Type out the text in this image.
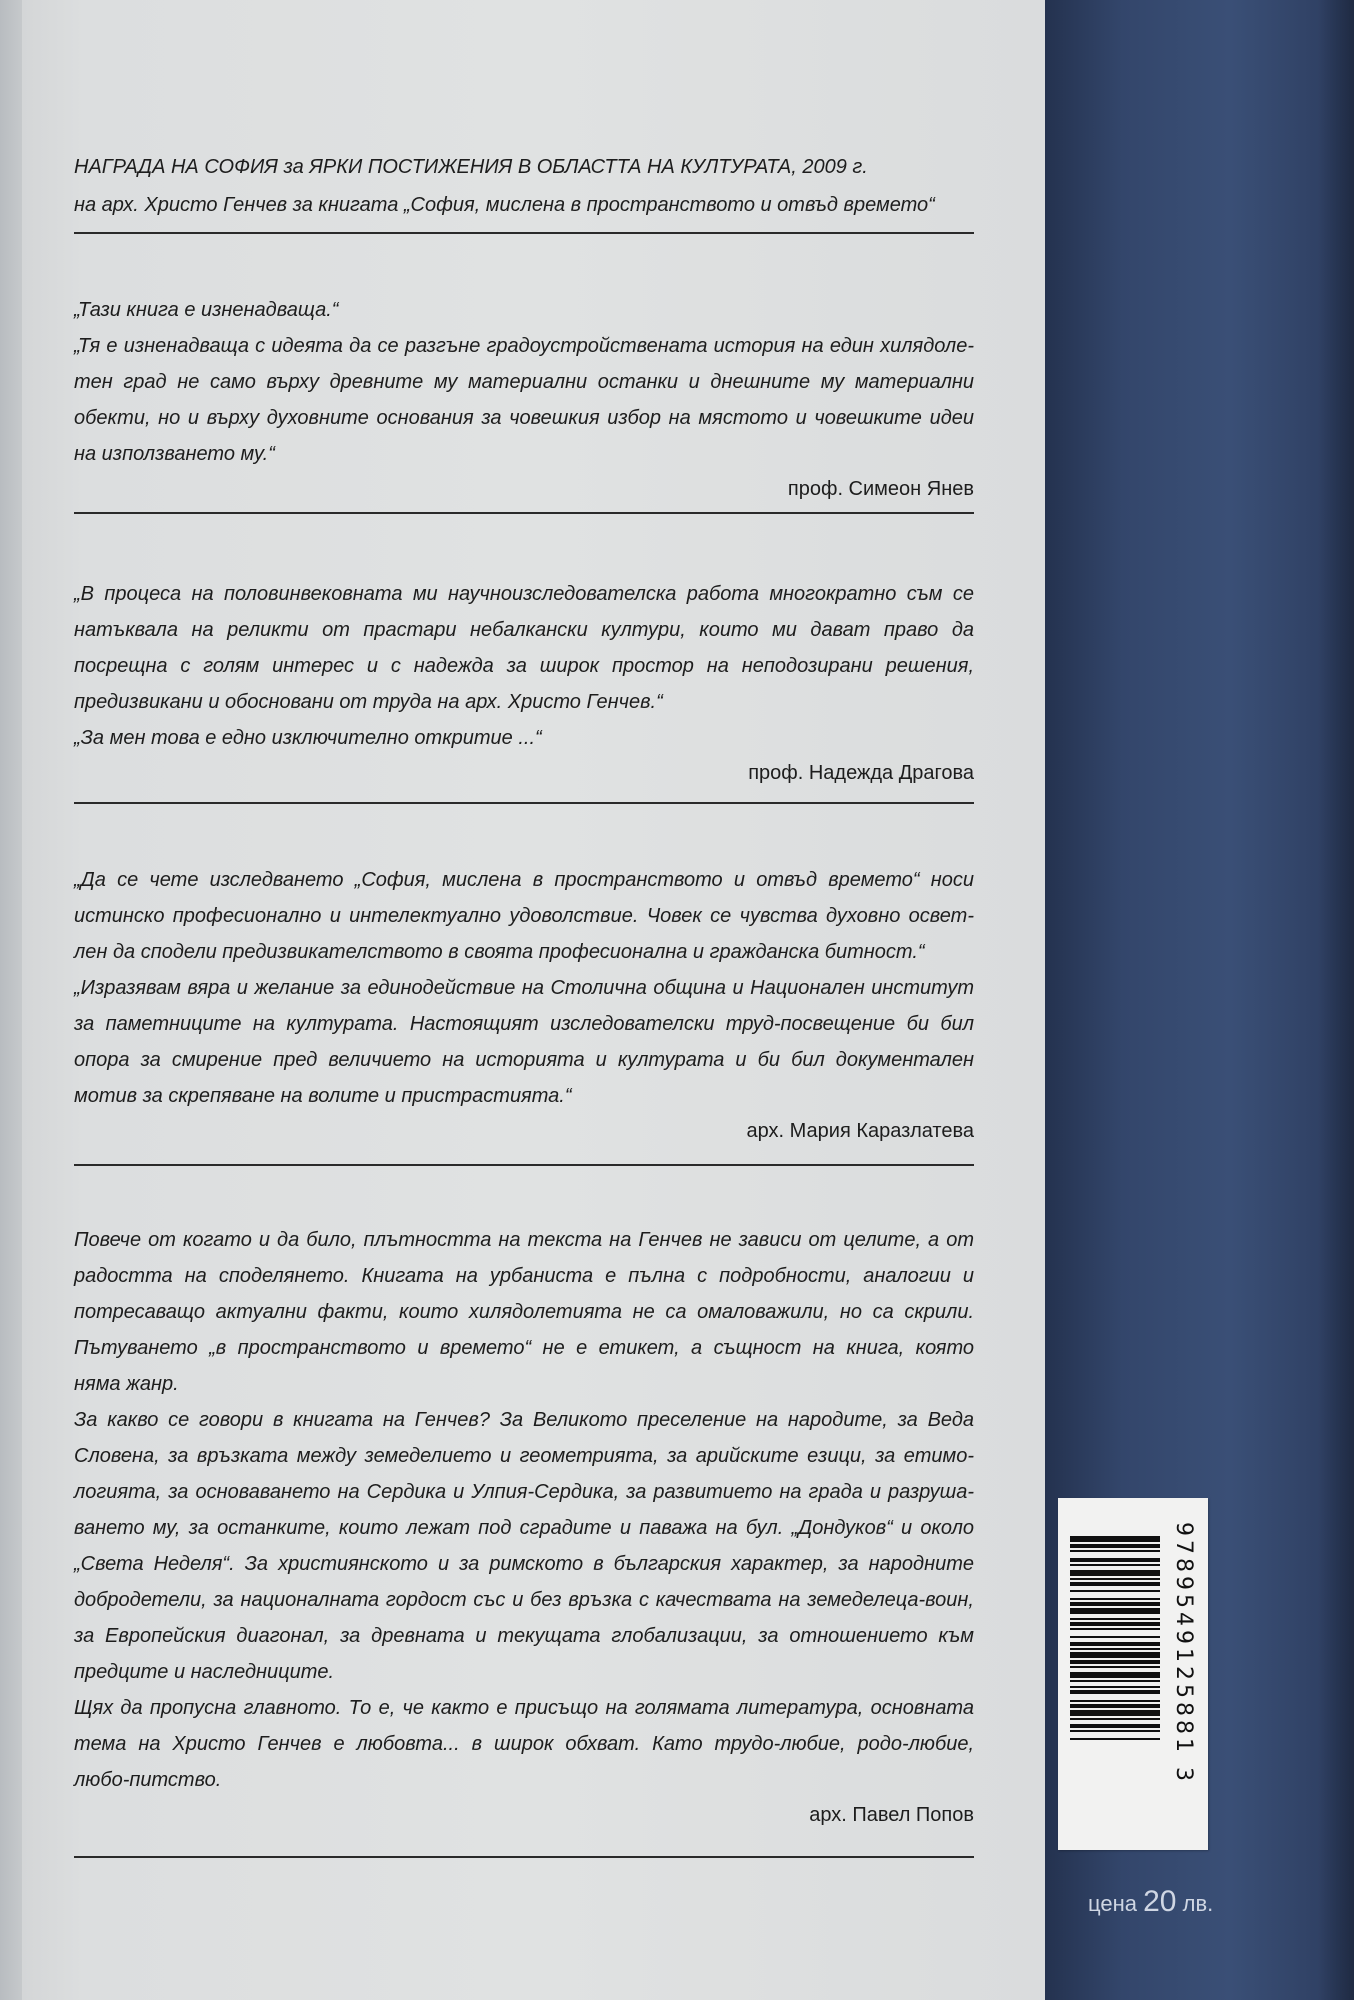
НАГРАДА НА СОФИЯ за ЯРКИ ПОСТИЖЕНИЯ В ОБЛАСТТА НА КУЛТУРАТА, 2009 г.
на арх. Христо Генчев за книгата „София, мислена в пространството и отвъд времето“
„Тази книга е изненадваща.“
„Тя е изненадваща с идеята да се разгъне градоустройствената история на един хилядоле-
тен град не само върху древните му материални останки и днешните му материални
обекти, но и върху духовните основания за човешкия избор на мястото и човешките идеи
на използването му.“
проф. Симеон Янев
„В процеса на половинвековната ми научноизследователска работа многократно съм се
натъквала на реликти от прастари небалкански култури, които ми дават право да
посрещна с голям интерес и с надежда за широк простор на неподозирани решения,
предизвикани и обосновани от труда на арх. Христо Генчев.“
„За мен това е едно изключително откритие ...“
проф. Надежда Драгова
„Да се чете изследването „София, мислена в пространството и отвъд времето“ носи
истинско професионално и интелектуално удоволствие. Човек се чувства духовно освет-
лен да сподели предизвикателството в своята професионална и гражданска битност.“
„Изразявам вяра и желание за единодействие на Столична община и Национален институт
за паметниците на културата. Настоящият изследователски труд-посвещение би бил
опора за смирение пред величието на историята и културата и би бил документален
мотив за скрепяване на волите и пристрастията.“
арх. Мария Каразлатева
Повече от когато и да било, плътността на текста на Генчев не зависи от целите, а от
радостта на споделянето. Книгата на урбаниста е пълна с подробности, аналогии и
потресаващо актуални факти, които хилядолетията не са омаловажили, но са скрили.
Пътуването „в пространството и времето“ не е етикет, а същност на книга, която
няма жанр.
За какво се говори в книгата на Генчев? За Великото преселение на народите, за Веда
Словена, за връзката между земеделието и геометрията, за арийските езици, за етимо-
логията, за основаването на Сердика и Улпия-Сердика, за развитието на града и разруша-
ването му, за останките, които лежат под сградите и паважа на бул. „Дондуков“ и около
„Света Неделя“. За християнското и за римското в българския характер, за народните
добродетели, за националната гордост със и без връзка с качествата на земеделеца-воин,
за Европейския диагонал, за древната и текущата глобализации, за отношението към
предците и наследниците.
Щях да пропусна главното. То е, че както е присъщо на голямата литература, основната
тема на Христо Генчев е любовта... в широк обхват. Като трудо-любие, родо-любие,
любо-питство.
арх. Павел Попов
9789549125881 3
цена 20 лв.
